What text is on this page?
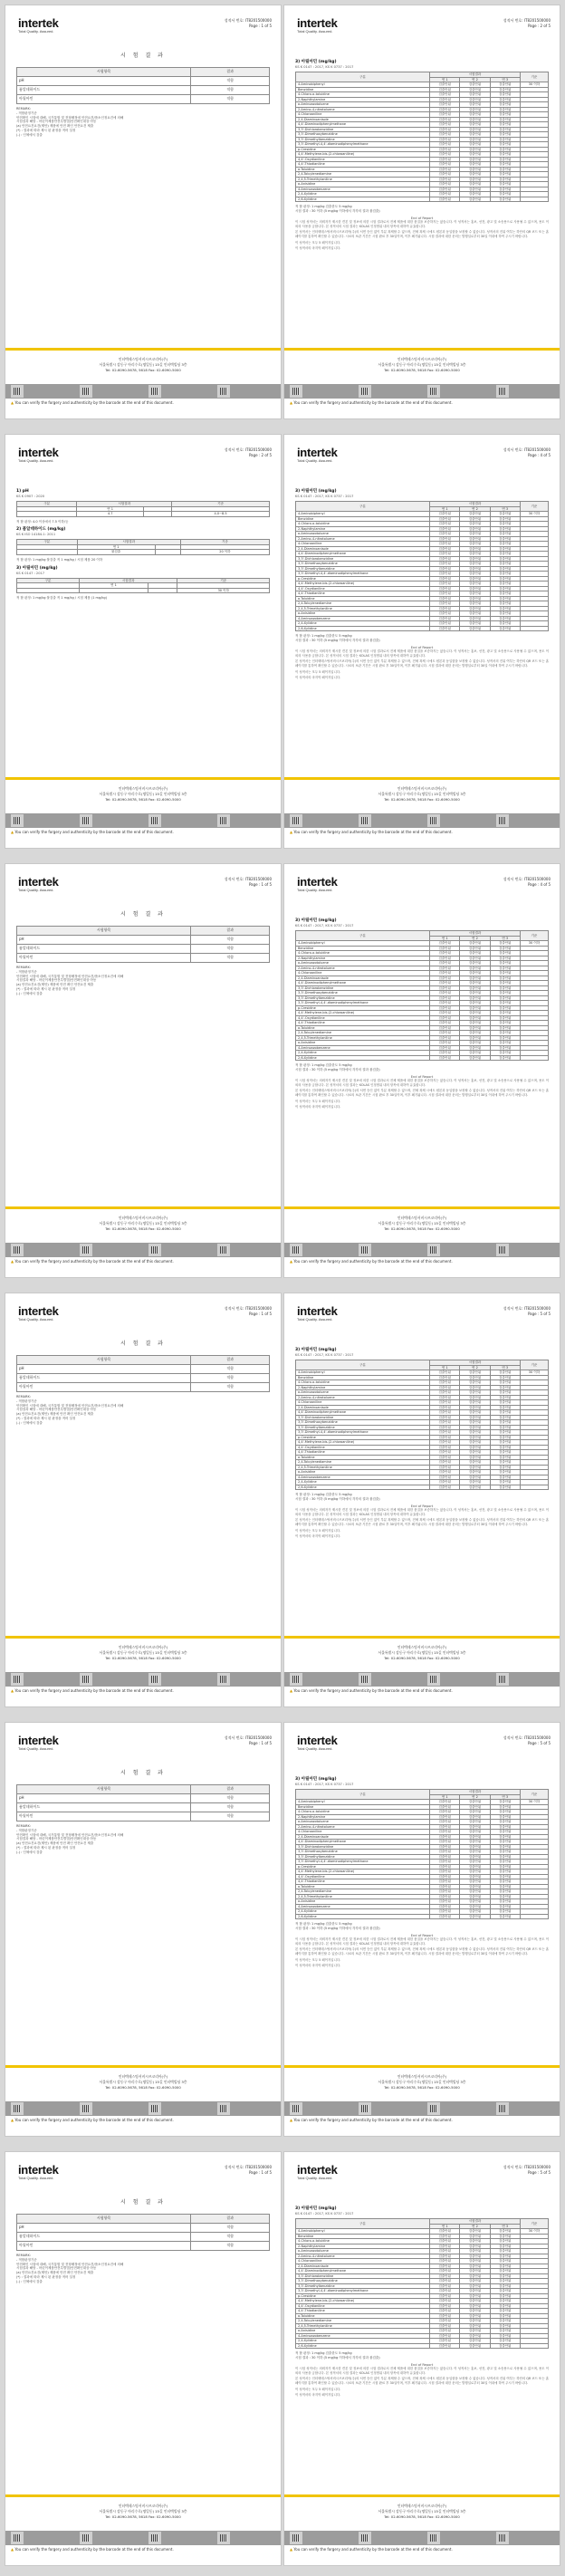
intertek
Total Quality. Assured.
성적서 번호: IT8201500000
Page : 1 of 5
시 험 결 과
시험항목	결과
pH	적합
폼알데하이드	적합
아릴아민	적합
REMARK:
- 적합판정기준
안전확인 시험에 대해, 국가통합 및 전형배정에 안전요건/품소인정요건에 의해
시험결과 해당 - 어린이제품안전특별법(안전확인대상 아동
(a) 안전요건요건(제안) 제품에 안전 확인 안전요건 제출
(*) : 결과에 따라 제시 된 판정을 적어 설정
(-) : 인체에서 검출
인터텍테스팅서비시즈코리아(주)
서울특별시 강동구 아리수로(명일동) 15길 인터텍빌딩 3층
Tel: 02-6090-5678, 5618 Fax: 02-6090-5000
▲ You can verify the forgery and authenticity by the barcode at the end of this document.
intertek
Total Quality. Assured.
성적서 번호: IT8201500000
Page : 2 of 5
3) 아릴아민 (mg/kg)
KS K 0147 : 2017, KS K 0737 : 2017
구분	시험결과			기준
	연 1	연 2	연 3	
4-Aminobiphenyl	검출안됨	검출안됨	검출안됨	30 이하
Benzidine	검출안됨	검출안됨	검출안됨	
4-Chloro-o-toluidine	검출안됨	검출안됨	검출안됨	
2-Naphthylamine	검출안됨	검출안됨	검출안됨	
o-Aminoazotoluene	검출안됨	검출안됨	검출안됨	
2-Amino-4-nitrotoluene	검출안됨	검출안됨	검출안됨	
4-Chloroaniline	검출안됨	검출안됨	검출안됨	
2,4-Diaminoanisole	검출안됨	검출안됨	검출안됨	
4,4'-Diaminodiphenylmethane	검출안됨	검출안됨	검출안됨	
3,3'-Dichlorobenzidine	검출안됨	검출안됨	검출안됨	
3,3'-Dimethoxybenzidine	검출안됨	검출안됨	검출안됨	
3,3'-Dimethylbenzidine	검출안됨	검출안됨	검출안됨	
3,3'-Dimethyl-4,4'-diaminodiphenylmethane	검출안됨	검출안됨	검출안됨	
p-Cresidine	검출안됨	검출안됨	검출안됨	
4,4'-Methylene-bis-(2-chloroaniline)	검출안됨	검출안됨	검출안됨	
4,4'-Oxydianiline	검출안됨	검출안됨	검출안됨	
4,4'-Thiodianiline	검출안됨	검출안됨	검출안됨	
o-Toluidine	검출안됨	검출안됨	검출안됨	
2,4-Toluylenediamine	검출안됨	검출안됨	검출안됨	
2,4,5-Trimethylaniline	검출안됨	검출안됨	검출안됨	
o-Anisidine	검출안됨	검출안됨	검출안됨	
4-Aminoazobenzene	검출안됨	검출안됨	검출안됨	
2,4-Xylidine	검출안됨	검출안됨	검출안됨	
2,6-Xylidine	검출안됨	검출안됨	검출안됨	
적 합 판정: 1 mg/kg 검출한도 5 mg/kg
시험 결과 : 30 이하 (5 mg/kg 이하에서 각각의 결과 불검출)
End of Report

이 시험 성적서는 의뢰자가 제시한 견본 및 정보에 의한 시험 결과로서 전체 제품에 대한 품질을 보증하지는 않습니다. 이 성적서는 홍보, 선전, 광고 및 소송용으로 사용될 수 없으며, 용도 이외의 사용을 금합니다. 본 성적서의 시험 결과는 KOLAS 인정범위 내의 항목에 대하여 유효합니다.

본 성적서는 인터텍테스팅서비시즈코리아(주)의 서면 승인 없이 부분 복제할 수 없으며, 전체 복제 시에도 원본과 동일함을 보장할 수 없습니다. 성적서의 진위 여부는 하단의 QR 코드 또는 홈페이지를 통하여 확인할 수 있습니다. 시료의 보관 기간은 시험 완료 후 30일이며, 이후 폐기됩니다. 시험 결과에 대한 문의는 발행일로부터 30일 이내에 하여 주시기 바랍니다.

이 성적서는 모두 5 페이지입니다.

이 성적서의 마지막 페이지입니다.

인터텍테스팅서비시즈코리아(주)
서울특별시 강동구 아리수로(명일동) 15길 인터텍빌딩 3층
Tel: 02-6090-5678, 5618 Fax: 02-6090-5000
▲ You can verify the forgery and authenticity by the barcode at the end of this document.
intertek
Total Quality. Assured.
성적서 번호: IT8201500000
Page : 2 of 5
1) pH
KS K 0907 : 2020
구분	시험결과		기준
	연 1		
	4.7		4.0~8.5
적 합 판정: 4.0 이상에서 7.5 이하/등
2) 폼알데하이드 (mg/kg)
KS K ISO 14184-1: 2011
구분	시험결과		기준
	연 1		
	불검출		20 이하
적 합 판정: 1 mg/kg 불검출 적 1 mg/kg / 시험 제품 20 이하
3) 아릴아민 (mg/kg)
KS K 0147 : 2017
구분	시험결과		기준
	연 1		
			30 이하
적 합 판정: 1 mg/kg 불검출 적 1 mg/kg / 시험 제품 (1 mg/kg)
인터텍테스팅서비시즈코리아(주)
서울특별시 강동구 아리수로(명일동) 15길 인터텍빌딩 3층
Tel: 02-6090-5678, 5618 Fax: 02-6090-5000
▲ You can verify the forgery and authenticity by the barcode at the end of this document.
intertek
Total Quality. Assured.
성적서 번호: IT8201500000
Page : 4 of 5
3) 아릴아민 (mg/kg)
KS K 0147 : 2017, KS K 0737 : 2017
구분	시험결과			기준
	연 1	연 2	연 3	
4-Aminobiphenyl	검출안됨	검출안됨	검출안됨	30 이하
Benzidine	검출안됨	검출안됨	검출안됨	
4-Chloro-o-toluidine	검출안됨	검출안됨	검출안됨	
2-Naphthylamine	검출안됨	검출안됨	검출안됨	
o-Aminoazotoluene	검출안됨	검출안됨	검출안됨	
2-Amino-4-nitrotoluene	검출안됨	검출안됨	검출안됨	
4-Chloroaniline	검출안됨	검출안됨	검출안됨	
2,4-Diaminoanisole	검출안됨	검출안됨	검출안됨	
4,4'-Diaminodiphenylmethane	검출안됨	검출안됨	검출안됨	
3,3'-Dichlorobenzidine	검출안됨	검출안됨	검출안됨	
3,3'-Dimethoxybenzidine	검출안됨	검출안됨	검출안됨	
3,3'-Dimethylbenzidine	검출안됨	검출안됨	검출안됨	
3,3'-Dimethyl-4,4'-diaminodiphenylmethane	검출안됨	검출안됨	검출안됨	
p-Cresidine	검출안됨	검출안됨	검출안됨	
4,4'-Methylene-bis-(2-chloroaniline)	검출안됨	검출안됨	검출안됨	
4,4'-Oxydianiline	검출안됨	검출안됨	검출안됨	
4,4'-Thiodianiline	검출안됨	검출안됨	검출안됨	
o-Toluidine	검출안됨	검출안됨	검출안됨	
2,4-Toluylenediamine	검출안됨	검출안됨	검출안됨	
2,4,5-Trimethylaniline	검출안됨	검출안됨	검출안됨	
o-Anisidine	검출안됨	검출안됨	검출안됨	
4-Aminoazobenzene	검출안됨	검출안됨	검출안됨	
2,4-Xylidine	검출안됨	검출안됨	검출안됨	
2,6-Xylidine	검출안됨	검출안됨	검출안됨	
적 합 판정: 1 mg/kg 검출한도 5 mg/kg
시험 결과 : 30 이하 (5 mg/kg 이하에서 각각의 결과 불검출)
End of Report

이 시험 성적서는 의뢰자가 제시한 견본 및 정보에 의한 시험 결과로서 전체 제품에 대한 품질을 보증하지는 않습니다. 이 성적서는 홍보, 선전, 광고 및 소송용으로 사용될 수 없으며, 용도 이외의 사용을 금합니다. 본 성적서의 시험 결과는 KOLAS 인정범위 내의 항목에 대하여 유효합니다.

본 성적서는 인터텍테스팅서비시즈코리아(주)의 서면 승인 없이 부분 복제할 수 없으며, 전체 복제 시에도 원본과 동일함을 보장할 수 없습니다. 성적서의 진위 여부는 하단의 QR 코드 또는 홈페이지를 통하여 확인할 수 있습니다. 시료의 보관 기간은 시험 완료 후 30일이며, 이후 폐기됩니다. 시험 결과에 대한 문의는 발행일로부터 30일 이내에 하여 주시기 바랍니다.

이 성적서는 모두 5 페이지입니다.

이 성적서의 마지막 페이지입니다.

인터텍테스팅서비시즈코리아(주)
서울특별시 강동구 아리수로(명일동) 15길 인터텍빌딩 3층
Tel: 02-6090-5678, 5618 Fax: 02-6090-5000
▲ You can verify the forgery and authenticity by the barcode at the end of this document.
intertek
Total Quality. Assured.
성적서 번호: IT8201500000
Page : 1 of 5
시 험 결 과
시험항목	결과
pH	적합
폼알데하이드	적합
아릴아민	적합
REMARK:
- 적합판정기준
안전확인 시험에 대해, 국가통합 및 전형배정에 안전요건/품소인정요건에 의해
시험결과 해당 - 어린이제품안전특별법(안전확인대상 아동
(a) 안전요건요건(제안) 제품에 안전 확인 안전요건 제출
(*) : 결과에 따라 제시 된 판정을 적어 설정
(-) : 인체에서 검출
인터텍테스팅서비시즈코리아(주)
서울특별시 강동구 아리수로(명일동) 15길 인터텍빌딩 3층
Tel: 02-6090-5678, 5618 Fax: 02-6090-5000
▲ You can verify the forgery and authenticity by the barcode at the end of this document.
intertek
Total Quality. Assured.
성적서 번호: IT8201500000
Page : 4 of 5
3) 아릴아민 (mg/kg)
KS K 0147 : 2017, KS K 0737 : 2017
구분	시험결과			기준
	연 1	연 2	연 3	
4-Aminobiphenyl	검출안됨	검출안됨	검출안됨	30 이하
Benzidine	검출안됨	검출안됨	검출안됨	
4-Chloro-o-toluidine	검출안됨	검출안됨	검출안됨	
2-Naphthylamine	검출안됨	검출안됨	검출안됨	
o-Aminoazotoluene	검출안됨	검출안됨	검출안됨	
2-Amino-4-nitrotoluene	검출안됨	검출안됨	검출안됨	
4-Chloroaniline	검출안됨	검출안됨	검출안됨	
2,4-Diaminoanisole	검출안됨	검출안됨	검출안됨	
4,4'-Diaminodiphenylmethane	검출안됨	검출안됨	검출안됨	
3,3'-Dichlorobenzidine	검출안됨	검출안됨	검출안됨	
3,3'-Dimethoxybenzidine	검출안됨	검출안됨	검출안됨	
3,3'-Dimethylbenzidine	검출안됨	검출안됨	검출안됨	
3,3'-Dimethyl-4,4'-diaminodiphenylmethane	검출안됨	검출안됨	검출안됨	
p-Cresidine	검출안됨	검출안됨	검출안됨	
4,4'-Methylene-bis-(2-chloroaniline)	검출안됨	검출안됨	검출안됨	
4,4'-Oxydianiline	검출안됨	검출안됨	검출안됨	
4,4'-Thiodianiline	검출안됨	검출안됨	검출안됨	
o-Toluidine	검출안됨	검출안됨	검출안됨	
2,4-Toluylenediamine	검출안됨	검출안됨	검출안됨	
2,4,5-Trimethylaniline	검출안됨	검출안됨	검출안됨	
o-Anisidine	검출안됨	검출안됨	검출안됨	
4-Aminoazobenzene	검출안됨	검출안됨	검출안됨	
2,4-Xylidine	검출안됨	검출안됨	검출안됨	
2,6-Xylidine	검출안됨	검출안됨	검출안됨	
적 합 판정: 1 mg/kg 검출한도 5 mg/kg
시험 결과 : 30 이하 (5 mg/kg 이하에서 각각의 결과 불검출)
End of Report

이 시험 성적서는 의뢰자가 제시한 견본 및 정보에 의한 시험 결과로서 전체 제품에 대한 품질을 보증하지는 않습니다. 이 성적서는 홍보, 선전, 광고 및 소송용으로 사용될 수 없으며, 용도 이외의 사용을 금합니다. 본 성적서의 시험 결과는 KOLAS 인정범위 내의 항목에 대하여 유효합니다.

본 성적서는 인터텍테스팅서비시즈코리아(주)의 서면 승인 없이 부분 복제할 수 없으며, 전체 복제 시에도 원본과 동일함을 보장할 수 없습니다. 성적서의 진위 여부는 하단의 QR 코드 또는 홈페이지를 통하여 확인할 수 있습니다. 시료의 보관 기간은 시험 완료 후 30일이며, 이후 폐기됩니다. 시험 결과에 대한 문의는 발행일로부터 30일 이내에 하여 주시기 바랍니다.

이 성적서는 모두 5 페이지입니다.

이 성적서의 마지막 페이지입니다.

인터텍테스팅서비시즈코리아(주)
서울특별시 강동구 아리수로(명일동) 15길 인터텍빌딩 3층
Tel: 02-6090-5678, 5618 Fax: 02-6090-5000
▲ You can verify the forgery and authenticity by the barcode at the end of this document.
intertek
Total Quality. Assured.
성적서 번호: IT8201500000
Page : 1 of 5
시 험 결 과
시험항목	결과
pH	적합
폼알데하이드	적합
아릴아민	적합
REMARK:
- 적합판정기준
안전확인 시험에 대해, 국가통합 및 전형배정에 안전요건/품소인정요건에 의해
시험결과 해당 - 어린이제품안전특별법(안전확인대상 아동
(a) 안전요건요건(제안) 제품에 안전 확인 안전요건 제출
(*) : 결과에 따라 제시 된 판정을 적어 설정
(-) : 인체에서 검출
인터텍테스팅서비시즈코리아(주)
서울특별시 강동구 아리수로(명일동) 15길 인터텍빌딩 3층
Tel: 02-6090-5678, 5618 Fax: 02-6090-5000
▲ You can verify the forgery and authenticity by the barcode at the end of this document.
intertek
Total Quality. Assured.
성적서 번호: IT8201500000
Page : 5 of 5
3) 아릴아민 (mg/kg)
KS K 0147 : 2017, KS K 0737 : 2017
구분	시험결과			기준
	연 1	연 2	연 3	
4-Aminobiphenyl	검출안됨	검출안됨	검출안됨	30 이하
Benzidine	검출안됨	검출안됨	검출안됨	
4-Chloro-o-toluidine	검출안됨	검출안됨	검출안됨	
2-Naphthylamine	검출안됨	검출안됨	검출안됨	
o-Aminoazotoluene	검출안됨	검출안됨	검출안됨	
2-Amino-4-nitrotoluene	검출안됨	검출안됨	검출안됨	
4-Chloroaniline	검출안됨	검출안됨	검출안됨	
2,4-Diaminoanisole	검출안됨	검출안됨	검출안됨	
4,4'-Diaminodiphenylmethane	검출안됨	검출안됨	검출안됨	
3,3'-Dichlorobenzidine	검출안됨	검출안됨	검출안됨	
3,3'-Dimethoxybenzidine	검출안됨	검출안됨	검출안됨	
3,3'-Dimethylbenzidine	검출안됨	검출안됨	검출안됨	
3,3'-Dimethyl-4,4'-diaminodiphenylmethane	검출안됨	검출안됨	검출안됨	
p-Cresidine	검출안됨	검출안됨	검출안됨	
4,4'-Methylene-bis-(2-chloroaniline)	검출안됨	검출안됨	검출안됨	
4,4'-Oxydianiline	검출안됨	검출안됨	검출안됨	
4,4'-Thiodianiline	검출안됨	검출안됨	검출안됨	
o-Toluidine	검출안됨	검출안됨	검출안됨	
2,4-Toluylenediamine	검출안됨	검출안됨	검출안됨	
2,4,5-Trimethylaniline	검출안됨	검출안됨	검출안됨	
o-Anisidine	검출안됨	검출안됨	검출안됨	
4-Aminoazobenzene	검출안됨	검출안됨	검출안됨	
2,4-Xylidine	검출안됨	검출안됨	검출안됨	
2,6-Xylidine	검출안됨	검출안됨	검출안됨	
적 합 판정: 1 mg/kg 검출한도 5 mg/kg
시험 결과 : 30 이하 (5 mg/kg 이하에서 각각의 결과 불검출)
End of Report

이 시험 성적서는 의뢰자가 제시한 견본 및 정보에 의한 시험 결과로서 전체 제품에 대한 품질을 보증하지는 않습니다. 이 성적서는 홍보, 선전, 광고 및 소송용으로 사용될 수 없으며, 용도 이외의 사용을 금합니다. 본 성적서의 시험 결과는 KOLAS 인정범위 내의 항목에 대하여 유효합니다.

본 성적서는 인터텍테스팅서비시즈코리아(주)의 서면 승인 없이 부분 복제할 수 없으며, 전체 복제 시에도 원본과 동일함을 보장할 수 없습니다. 성적서의 진위 여부는 하단의 QR 코드 또는 홈페이지를 통하여 확인할 수 있습니다. 시료의 보관 기간은 시험 완료 후 30일이며, 이후 폐기됩니다. 시험 결과에 대한 문의는 발행일로부터 30일 이내에 하여 주시기 바랍니다.

이 성적서는 모두 5 페이지입니다.

이 성적서의 마지막 페이지입니다.

인터텍테스팅서비시즈코리아(주)
서울특별시 강동구 아리수로(명일동) 15길 인터텍빌딩 3층
Tel: 02-6090-5678, 5618 Fax: 02-6090-5000
▲ You can verify the forgery and authenticity by the barcode at the end of this document.
intertek
Total Quality. Assured.
성적서 번호: IT8201500000
Page : 1 of 5
시 험 결 과
시험항목	결과
pH	적합
폼알데하이드	적합
아릴아민	적합
REMARK:
- 적합판정기준
안전확인 시험에 대해, 국가통합 및 전형배정에 안전요건/품소인정요건에 의해
시험결과 해당 - 어린이제품안전특별법(안전확인대상 아동
(a) 안전요건요건(제안) 제품에 안전 확인 안전요건 제출
(*) : 결과에 따라 제시 된 판정을 적어 설정
(-) : 인체에서 검출
인터텍테스팅서비시즈코리아(주)
서울특별시 강동구 아리수로(명일동) 15길 인터텍빌딩 3층
Tel: 02-6090-5678, 5618 Fax: 02-6090-5000
▲ You can verify the forgery and authenticity by the barcode at the end of this document.
intertek
Total Quality. Assured.
성적서 번호: IT8201500000
Page : 5 of 5
3) 아릴아민 (mg/kg)
KS K 0147 : 2017, KS K 0737 : 2017
구분	시험결과			기준
	연 1	연 2	연 3	
4-Aminobiphenyl	검출안됨	검출안됨	검출안됨	30 이하
Benzidine	검출안됨	검출안됨	검출안됨	
4-Chloro-o-toluidine	검출안됨	검출안됨	검출안됨	
2-Naphthylamine	검출안됨	검출안됨	검출안됨	
o-Aminoazotoluene	검출안됨	검출안됨	검출안됨	
2-Amino-4-nitrotoluene	검출안됨	검출안됨	검출안됨	
4-Chloroaniline	검출안됨	검출안됨	검출안됨	
2,4-Diaminoanisole	검출안됨	검출안됨	검출안됨	
4,4'-Diaminodiphenylmethane	검출안됨	검출안됨	검출안됨	
3,3'-Dichlorobenzidine	검출안됨	검출안됨	검출안됨	
3,3'-Dimethoxybenzidine	검출안됨	검출안됨	검출안됨	
3,3'-Dimethylbenzidine	검출안됨	검출안됨	검출안됨	
3,3'-Dimethyl-4,4'-diaminodiphenylmethane	검출안됨	검출안됨	검출안됨	
p-Cresidine	검출안됨	검출안됨	검출안됨	
4,4'-Methylene-bis-(2-chloroaniline)	검출안됨	검출안됨	검출안됨	
4,4'-Oxydianiline	검출안됨	검출안됨	검출안됨	
4,4'-Thiodianiline	검출안됨	검출안됨	검출안됨	
o-Toluidine	검출안됨	검출안됨	검출안됨	
2,4-Toluylenediamine	검출안됨	검출안됨	검출안됨	
2,4,5-Trimethylaniline	검출안됨	검출안됨	검출안됨	
o-Anisidine	검출안됨	검출안됨	검출안됨	
4-Aminoazobenzene	검출안됨	검출안됨	검출안됨	
2,4-Xylidine	검출안됨	검출안됨	검출안됨	
2,6-Xylidine	검출안됨	검출안됨	검출안됨	
적 합 판정: 1 mg/kg 검출한도 5 mg/kg
시험 결과 : 30 이하 (5 mg/kg 이하에서 각각의 결과 불검출)
End of Report

이 시험 성적서는 의뢰자가 제시한 견본 및 정보에 의한 시험 결과로서 전체 제품에 대한 품질을 보증하지는 않습니다. 이 성적서는 홍보, 선전, 광고 및 소송용으로 사용될 수 없으며, 용도 이외의 사용을 금합니다. 본 성적서의 시험 결과는 KOLAS 인정범위 내의 항목에 대하여 유효합니다.

본 성적서는 인터텍테스팅서비시즈코리아(주)의 서면 승인 없이 부분 복제할 수 없으며, 전체 복제 시에도 원본과 동일함을 보장할 수 없습니다. 성적서의 진위 여부는 하단의 QR 코드 또는 홈페이지를 통하여 확인할 수 있습니다. 시료의 보관 기간은 시험 완료 후 30일이며, 이후 폐기됩니다. 시험 결과에 대한 문의는 발행일로부터 30일 이내에 하여 주시기 바랍니다.

이 성적서는 모두 5 페이지입니다.

이 성적서의 마지막 페이지입니다.

인터텍테스팅서비시즈코리아(주)
서울특별시 강동구 아리수로(명일동) 15길 인터텍빌딩 3층
Tel: 02-6090-5678, 5618 Fax: 02-6090-5000
▲ You can verify the forgery and authenticity by the barcode at the end of this document.
intertek
Total Quality. Assured.
성적서 번호: IT8201500000
Page : 1 of 5
시 험 결 과
시험항목	결과
pH	적합
폼알데하이드	적합
아릴아민	적합
REMARK:
- 적합판정기준
안전확인 시험에 대해, 국가통합 및 전형배정에 안전요건/품소인정요건에 의해
시험결과 해당 - 어린이제품안전특별법(안전확인대상 아동
(a) 안전요건요건(제안) 제품에 안전 확인 안전요건 제출
(*) : 결과에 따라 제시 된 판정을 적어 설정
(-) : 인체에서 검출
인터텍테스팅서비시즈코리아(주)
서울특별시 강동구 아리수로(명일동) 15길 인터텍빌딩 3층
Tel: 02-6090-5678, 5618 Fax: 02-6090-5000
▲ You can verify the forgery and authenticity by the barcode at the end of this document.
intertek
Total Quality. Assured.
성적서 번호: IT8201500000
Page : 5 of 5
3) 아릴아민 (mg/kg)
KS K 0147 : 2017, KS K 0737 : 2017
구분	시험결과			기준
	연 1	연 2	연 3	
4-Aminobiphenyl	검출안됨	검출안됨	검출안됨	30 이하
Benzidine	검출안됨	검출안됨	검출안됨	
4-Chloro-o-toluidine	검출안됨	검출안됨	검출안됨	
2-Naphthylamine	검출안됨	검출안됨	검출안됨	
o-Aminoazotoluene	검출안됨	검출안됨	검출안됨	
2-Amino-4-nitrotoluene	검출안됨	검출안됨	검출안됨	
4-Chloroaniline	검출안됨	검출안됨	검출안됨	
2,4-Diaminoanisole	검출안됨	검출안됨	검출안됨	
4,4'-Diaminodiphenylmethane	검출안됨	검출안됨	검출안됨	
3,3'-Dichlorobenzidine	검출안됨	검출안됨	검출안됨	
3,3'-Dimethoxybenzidine	검출안됨	검출안됨	검출안됨	
3,3'-Dimethylbenzidine	검출안됨	검출안됨	검출안됨	
3,3'-Dimethyl-4,4'-diaminodiphenylmethane	검출안됨	검출안됨	검출안됨	
p-Cresidine	검출안됨	검출안됨	검출안됨	
4,4'-Methylene-bis-(2-chloroaniline)	검출안됨	검출안됨	검출안됨	
4,4'-Oxydianiline	검출안됨	검출안됨	검출안됨	
4,4'-Thiodianiline	검출안됨	검출안됨	검출안됨	
o-Toluidine	검출안됨	검출안됨	검출안됨	
2,4-Toluylenediamine	검출안됨	검출안됨	검출안됨	
2,4,5-Trimethylaniline	검출안됨	검출안됨	검출안됨	
o-Anisidine	검출안됨	검출안됨	검출안됨	
4-Aminoazobenzene	검출안됨	검출안됨	검출안됨	
2,4-Xylidine	검출안됨	검출안됨	검출안됨	
2,6-Xylidine	검출안됨	검출안됨	검출안됨	
적 합 판정: 1 mg/kg 검출한도 5 mg/kg
시험 결과 : 30 이하 (5 mg/kg 이하에서 각각의 결과 불검출)
End of Report

이 시험 성적서는 의뢰자가 제시한 견본 및 정보에 의한 시험 결과로서 전체 제품에 대한 품질을 보증하지는 않습니다. 이 성적서는 홍보, 선전, 광고 및 소송용으로 사용될 수 없으며, 용도 이외의 사용을 금합니다. 본 성적서의 시험 결과는 KOLAS 인정범위 내의 항목에 대하여 유효합니다.

본 성적서는 인터텍테스팅서비시즈코리아(주)의 서면 승인 없이 부분 복제할 수 없으며, 전체 복제 시에도 원본과 동일함을 보장할 수 없습니다. 성적서의 진위 여부는 하단의 QR 코드 또는 홈페이지를 통하여 확인할 수 있습니다. 시료의 보관 기간은 시험 완료 후 30일이며, 이후 폐기됩니다. 시험 결과에 대한 문의는 발행일로부터 30일 이내에 하여 주시기 바랍니다.

이 성적서는 모두 5 페이지입니다.

이 성적서의 마지막 페이지입니다.

인터텍테스팅서비시즈코리아(주)
서울특별시 강동구 아리수로(명일동) 15길 인터텍빌딩 3층
Tel: 02-6090-5678, 5618 Fax: 02-6090-5000
▲ You can verify the forgery and authenticity by the barcode at the end of this document.
